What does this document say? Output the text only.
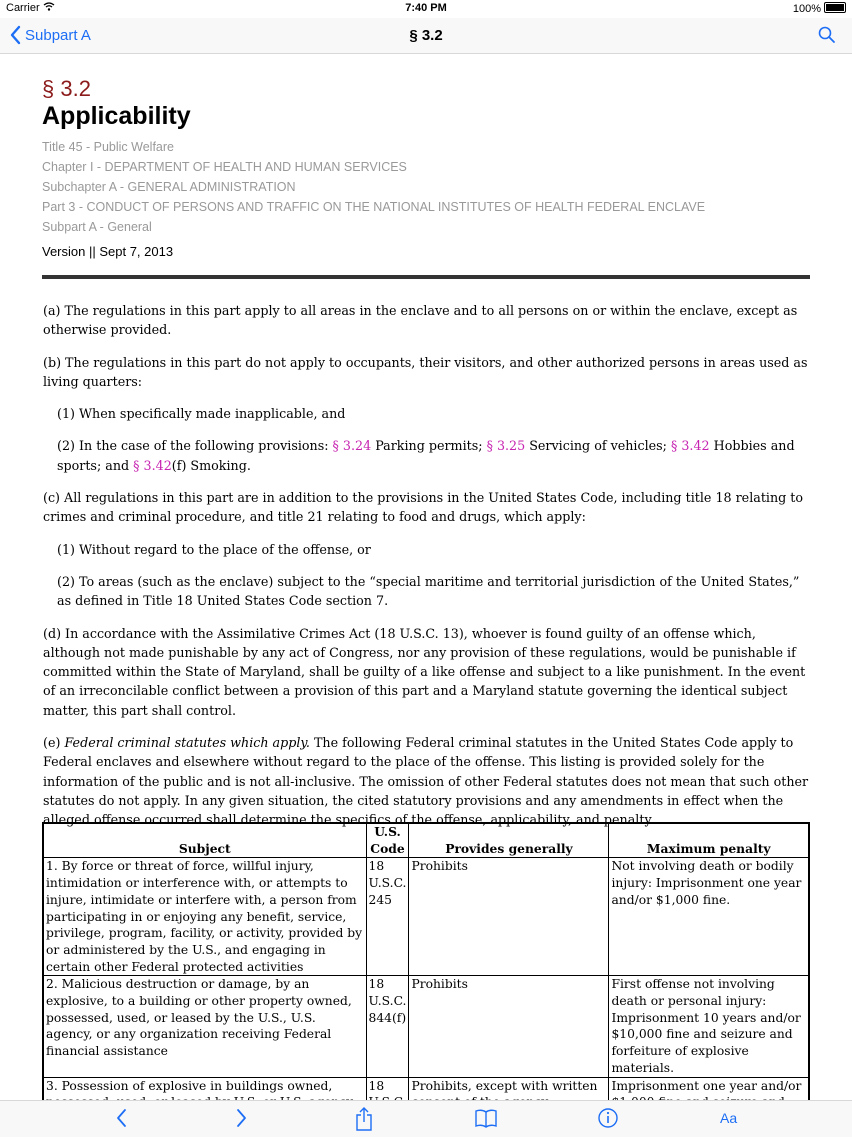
Carrier	7:40 PM	100%
Subpart A	§ 3.2
§ 3.2
Applicability
Title 45 - Public Welfare
Chapter I - DEPARTMENT OF HEALTH AND HUMAN SERVICES
Subchapter A - GENERAL ADMINISTRATION
Part 3 - CONDUCT OF PERSONS AND TRAFFIC ON THE NATIONAL INSTITUTES OF HEALTH FEDERAL ENCLAVE
Subpart A - General
Version || Sept 7, 2013

(a) The regulations in this part apply to all areas in the enclave and to all persons on or within the enclave, except as otherwise provided.

(b) The regulations in this part do not apply to occupants, their visitors, and other authorized persons in areas used as living quarters:

(1) When specifically made inapplicable, and

(2) In the case of the following provisions: § 3.24 Parking permits; § 3.25 Servicing of vehicles; § 3.42 Hobbies and sports; and § 3.42(f) Smoking.

(c) All regulations in this part are in addition to the provisions in the United States Code, including title 18 relating to crimes and criminal procedure, and title 21 relating to food and drugs, which apply:

(1) Without regard to the place of the offense, or

(2) To areas (such as the enclave) subject to the “special maritime and territorial jurisdiction of the United States,” as defined in Title 18 United States Code section 7.

(d) In accordance with the Assimilative Crimes Act (18 U.S.C. 13), whoever is found guilty of an offense which, although not made punishable by any act of Congress, nor any provision of these regulations, would be punishable if committed within the State of Maryland, shall be guilty of a like offense and subject to a like punishment. In the event of an irreconcilable conflict between a provision of this part and a Maryland statute governing the identical subject matter, this part shall control.

(e) Federal criminal statutes which apply. The following Federal criminal statutes in the United States Code apply to Federal enclaves and elsewhere without regard to the place of the offense. This listing is provided solely for the information of the public and is not all-inclusive. The omission of other Federal statutes does not mean that such other statutes do not apply. In any given situation, the cited statutory provisions and any amendments in effect when the alleged offense occurred shall determine the specifics of the offense, applicability, and penalty.

Subject	U.S. Code	Provides generally	Maximum penalty
1. By force or threat of force, willful injury, intimidation or interference with, or attempts to injure, intimidate or interfere with, a person from participating in or enjoying any benefit, service, privilege, program, facility, or activity, provided by or administered by the U.S., and engaging in certain other Federal protected activities	18 U.S.C. 245	Prohibits	Not involving death or bodily injury: Imprisonment one year and/or $1,000 fine.
2. Malicious destruction or damage, by an explosive, to a building or other property owned, possessed, used, or leased by the U.S., U.S. agency, or any organization receiving Federal financial assistance	18 U.S.C. 844(f)	Prohibits	First offense not involving death or personal injury: Imprisonment 10 years and/or $10,000 fine and seizure and forfeiture of explosive materials.
3. Possession of explosive in buildings owned,	18	Prohibits, except with written	Imprisonment one year and/or
Aa
